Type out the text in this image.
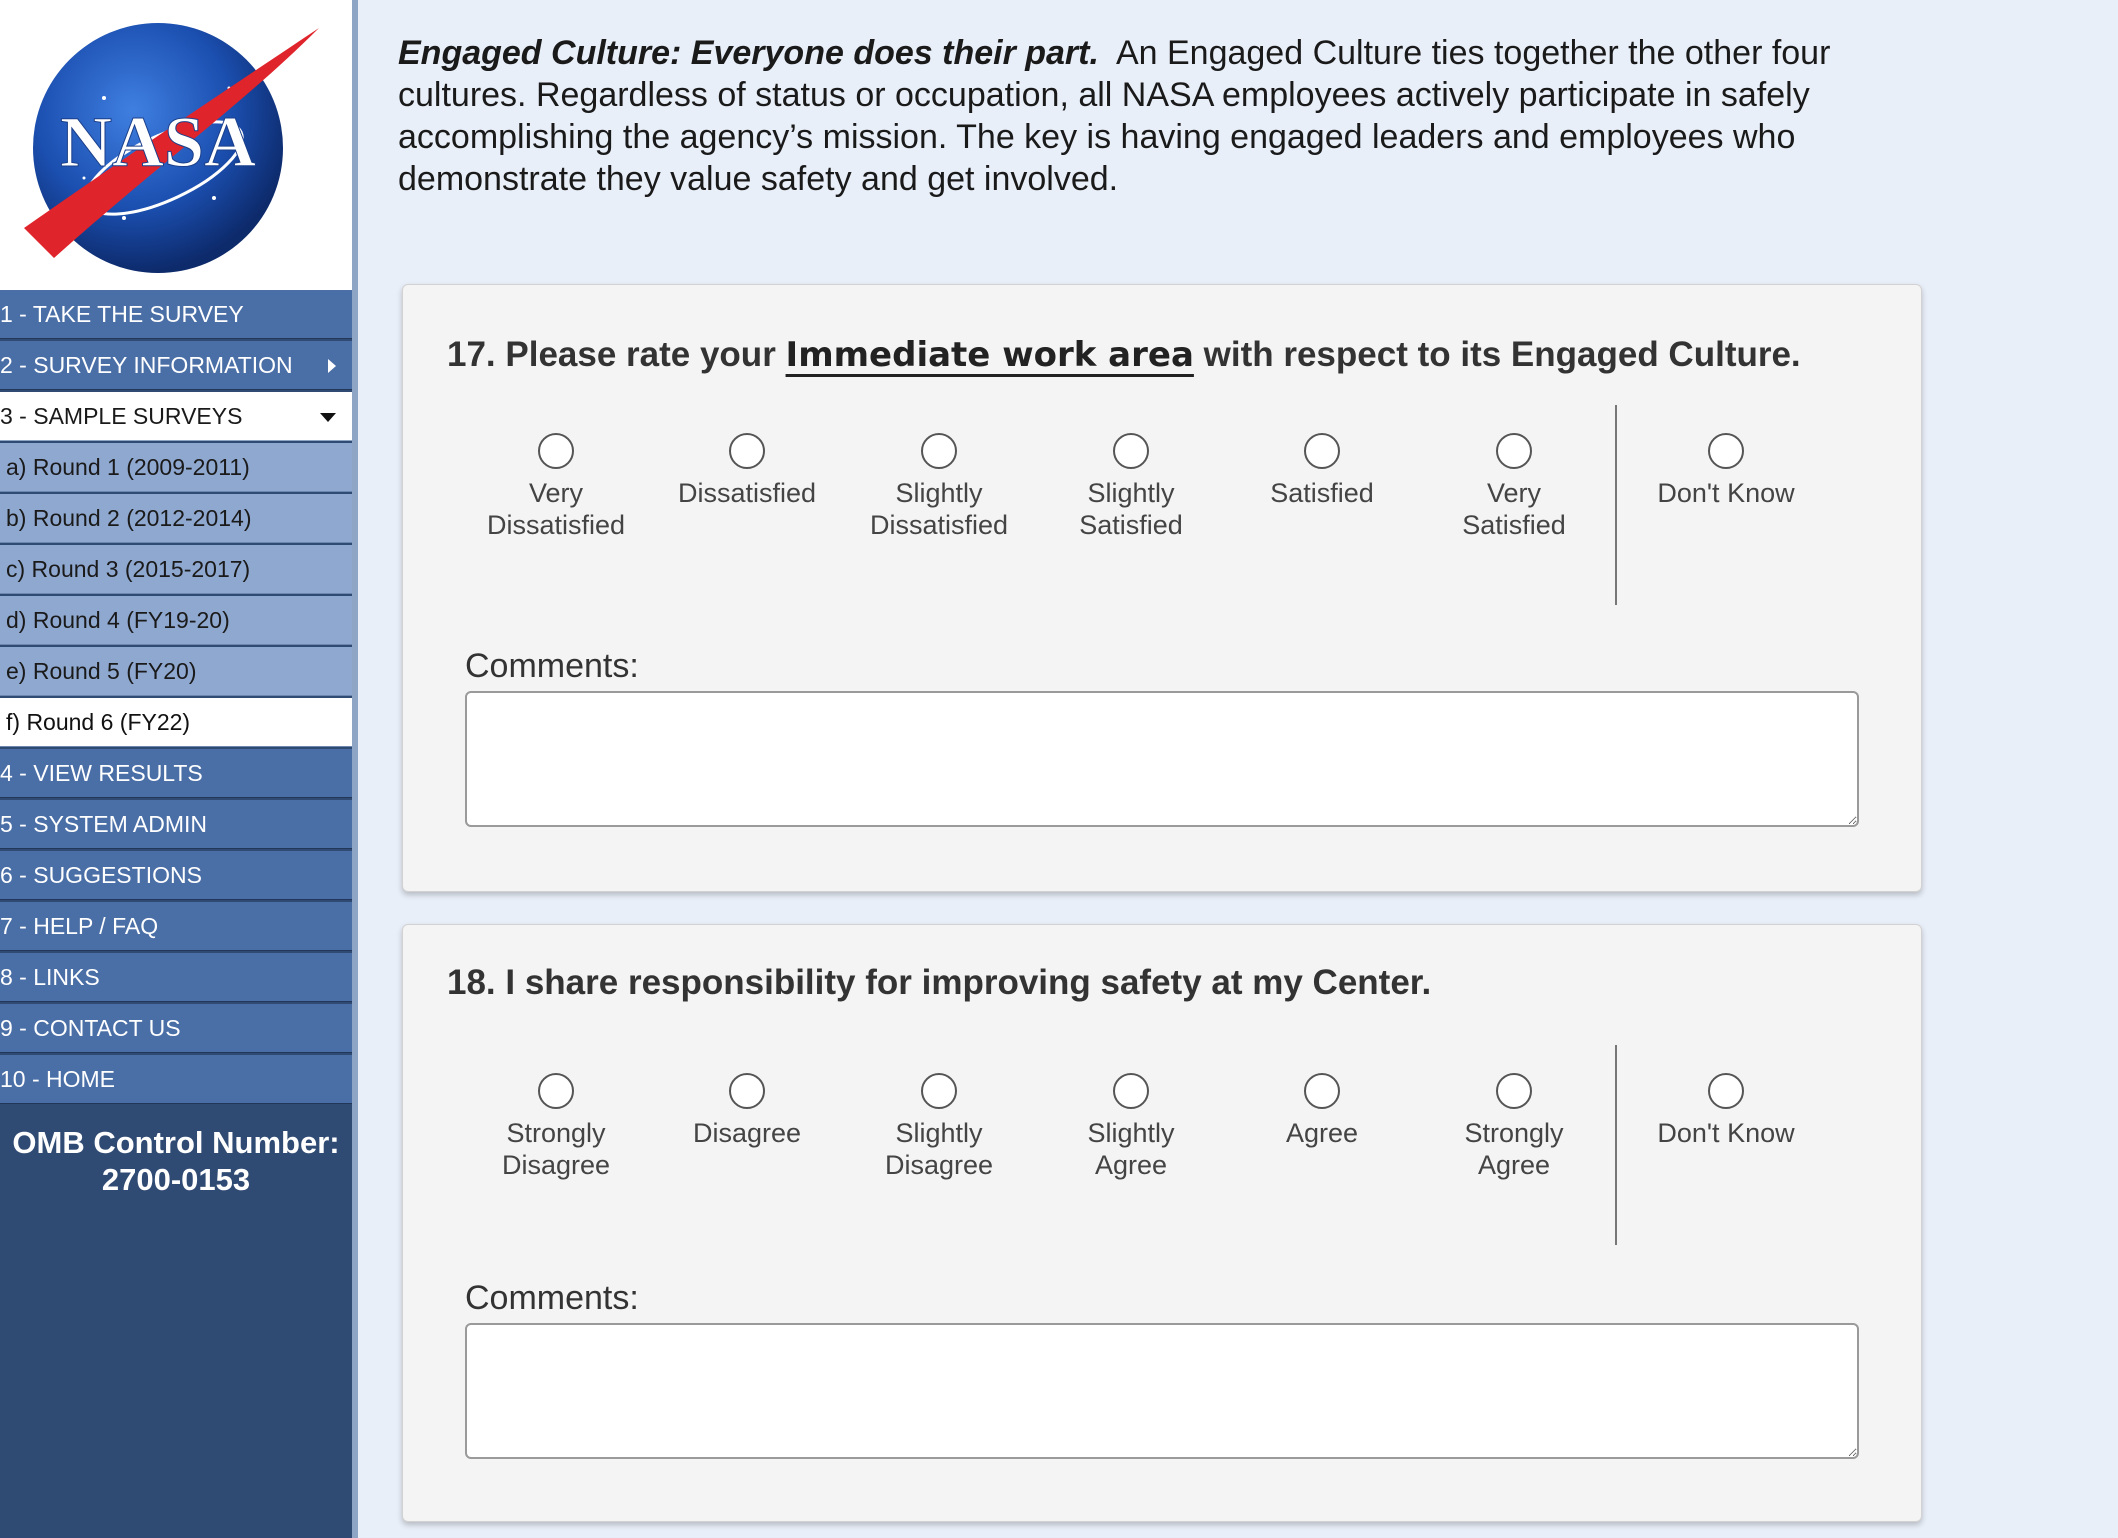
NASA
1 - TAKE THE SURVEY
2 - SURVEY INFORMATION
3 - SAMPLE SURVEYS
a) Round 1 (2009-2011)
b) Round 2 (2012-2014)
c) Round 3 (2015-2017)
d) Round 4 (FY19-20)
e) Round 5 (FY20)
f) Round 6 (FY22)
4 - VIEW RESULTS
5 - SYSTEM ADMIN
6 - SUGGESTIONS
7 - HELP / FAQ
8 - LINKS
9 - CONTACT US
10 - HOME
OMB Control Number:
2700-0153
Engaged Culture: Everyone does their part. An Engaged Culture ties together the other four cultures. Regardless of status or occupation, all NASA employees actively participate in safely accomplishing the agency’s mission. The key is having engaged leaders and employees who demonstrate they value safety and get involved.
17. Please rate your Immediate work area with respect to its Engaged Culture.
Very
Dissatisfied
Dissatisfied	Slightly
Dissatisfied
Slightly
Satisfied
Satisfied	Very
Satisfied
Don't Know
Comments:
18. I share responsibility for improving safety at my Center.
Strongly
Disagree
Disagree	Slightly
Disagree
Slightly
Agree
Agree	Strongly
Agree
Don't Know
Comments:
